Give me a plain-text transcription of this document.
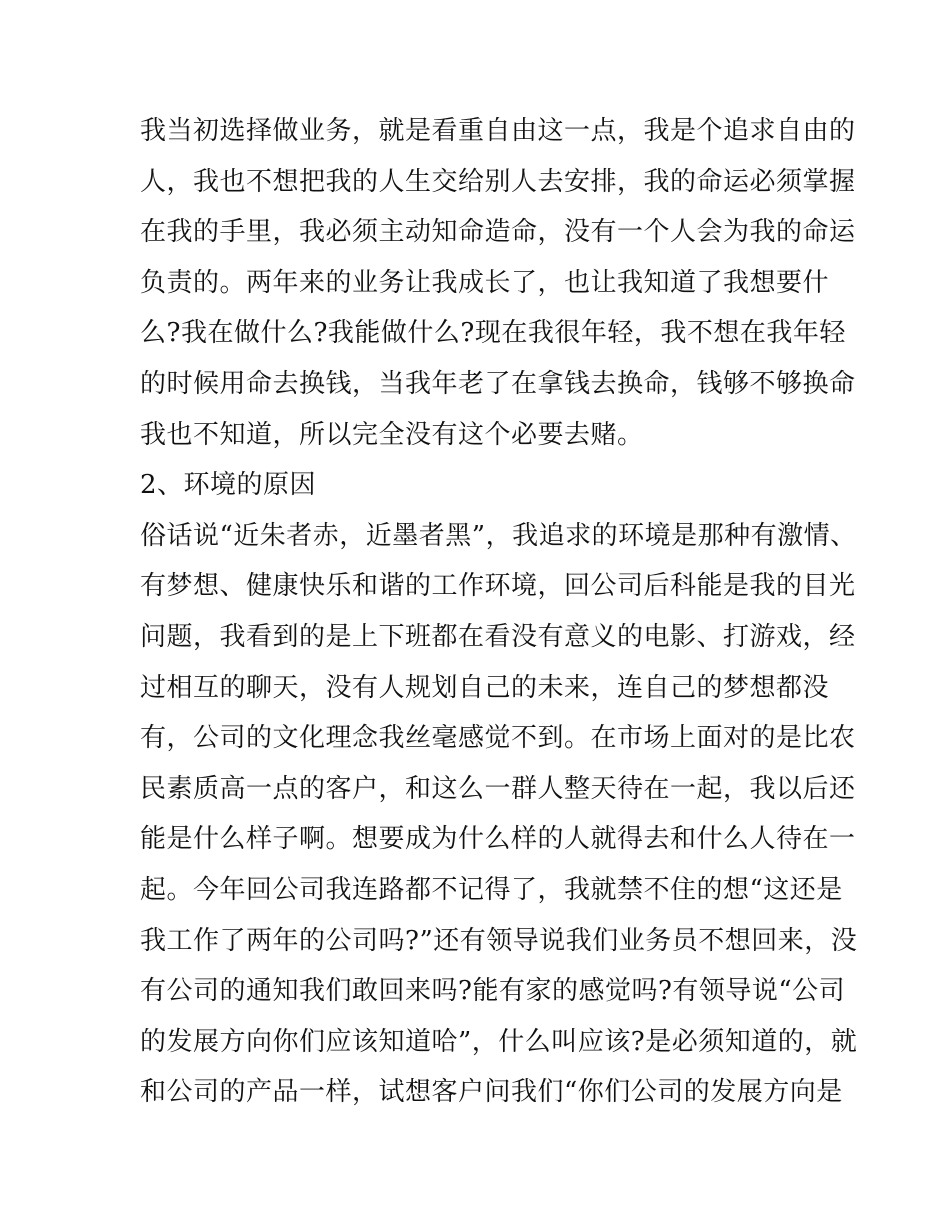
我当初选择做业务，就是看重自由这一点，我是个追求自由的
人，我也不想把我的人生交给别人去安排，我的命运必须掌握
在我的手里，我必须主动知命造命，没有一个人会为我的命运
负责的。两年来的业务让我成长了，也让我知道了我想要什
么?我在做什么?我能做什么?现在我很年轻，我不想在我年轻
的时候用命去换钱，当我年老了在拿钱去换命，钱够不够换命
我也不知道，所以完全没有这个必要去赌。
2、环境的原因
俗话说“近朱者赤，近墨者黑”，我追求的环境是那种有激情、
有梦想、健康快乐和谐的工作环境，回公司后科能是我的目光
问题，我看到的是上下班都在看没有意义的电影、打游戏，经
过相互的聊天，没有人规划自己的未来，连自己的梦想都没
有，公司的文化理念我丝毫感觉不到。在市场上面对的是比农
民素质高一点的客户，和这么一群人整天待在一起，我以后还
能是什么样子啊。想要成为什么样的人就得去和什么人待在一
起。今年回公司我连路都不记得了，我就禁不住的想“这还是
我工作了两年的公司吗?”还有领导说我们业务员不想回来，没
有公司的通知我们敢回来吗?能有家的感觉吗?有领导说“公司
的发展方向你们应该知道哈”，什么叫应该?是必须知道的，就
和公司的产品一样，试想客户问我们“你们公司的发展方向是
